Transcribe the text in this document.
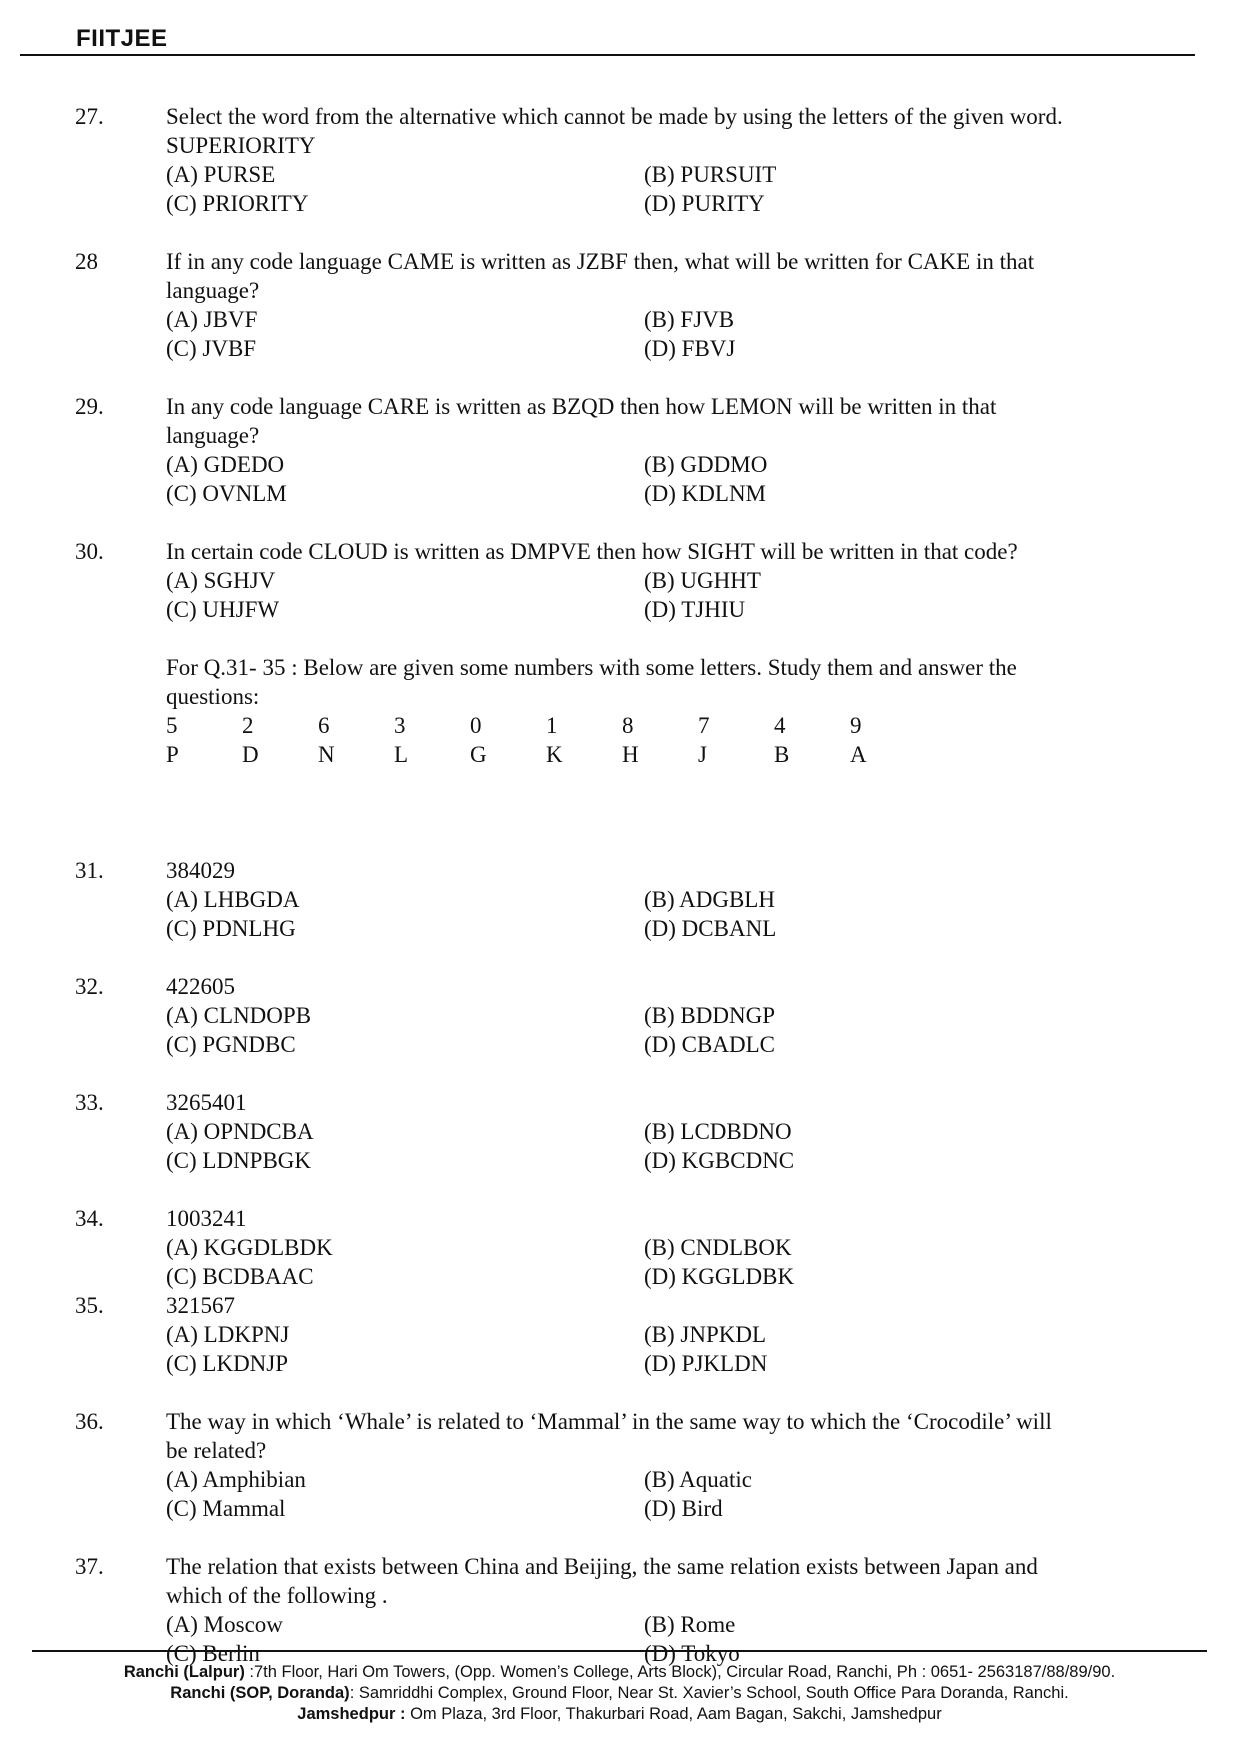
FIITJEE
27.	Select the word from the alternative which cannot be made by using the letters of the given word.
SUPERIORITY
(A) PURSE	(B) PURSUIT
(C) PRIORITY	(D) PURITY
28	If in any code language CAME is written as JZBF then, what will be written for CAKE in that
language?
(A) JBVF	(B) FJVB
(C) JVBF	(D) FBVJ
29.	In any code language CARE is written as BZQD then how LEMON will be written in that
language?
(A) GDEDO	(B) GDDMO
(C) OVNLM	(D) KDLNM
30.	In certain code CLOUD is written as DMPVE then how SIGHT will be written in that code?
(A) SGHJV	(B) UGHHT
(C) UHJFW	(D) TJHIU
For Q.31- 35 : Below are given some numbers with some letters. Study them and answer the
questions:
5	2	6	3	0	1	8	7	4	9
P	D	N	L	G	K	H	J	B	A
31.	384029
(A) LHBGDA	(B) ADGBLH
(C) PDNLHG	(D) DCBANL
32.	422605
(A) CLNDOPB	(B) BDDNGP
(C) PGNDBC	(D) CBADLC
33.	3265401
(A) OPNDCBA	(B) LCDBDNO
(C) LDNPBGK	(D) KGBCDNC
34.	1003241
(A) KGGDLBDK	(B) CNDLBOK
(C) BCDBAAC	(D) KGGLDBK
35.	321567
(A) LDKPNJ	(B) JNPKDL
(C) LKDNJP	(D) PJKLDN
36.	The way in which ‘Whale’ is related to ‘Mammal’ in the same way to which the ‘Crocodile’ will
be related?
(A) Amphibian	(B) Aquatic
(C) Mammal	(D) Bird
37.	The relation that exists between China and Beijing, the same relation exists between Japan and
which of the following .
(A) Moscow	(B) Rome
(C) Berlin	(D) Tokyo
Ranchi (Lalpur) :7th Floor, Hari Om Towers, (Opp. Women’s College, Arts Block), Circular Road, Ranchi, Ph : 0651- 2563187/88/89/90.
Ranchi (SOP, Doranda): Samriddhi Complex, Ground Floor, Near St. Xavier’s School, South Office Para Doranda, Ranchi.
Jamshedpur : Om Plaza, 3rd Floor, Thakurbari Road, Aam Bagan, Sakchi, Jamshedpur
